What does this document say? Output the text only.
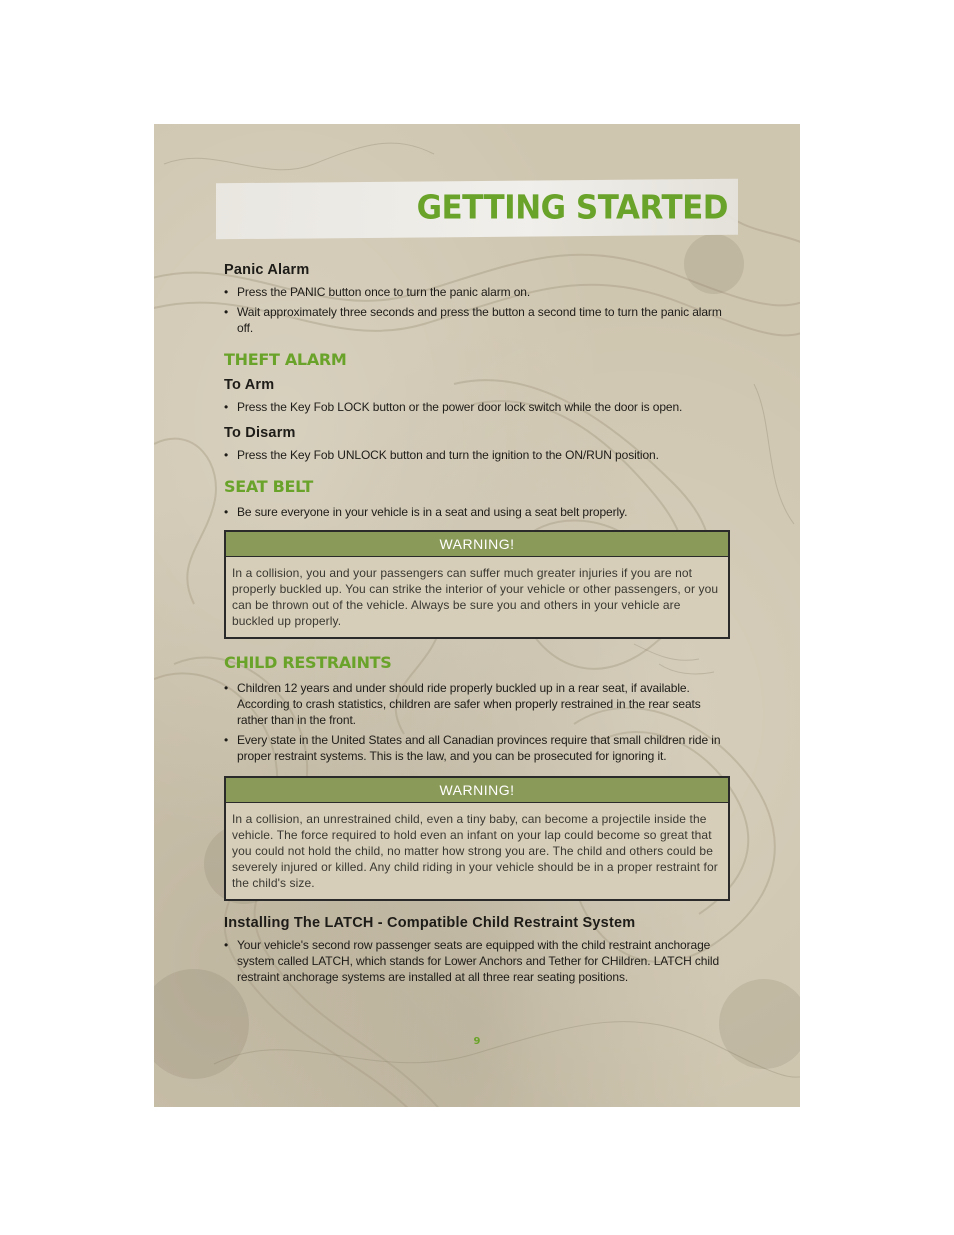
GETTING STARTED
Panic Alarm
• Press the PANIC button once to turn the panic alarm on.
• Wait approximately three seconds and press the button a second time to turn the panic alarm off.
THEFT ALARM
To Arm
• Press the Key Fob LOCK button or the power door lock switch while the door is open.
To Disarm
• Press the Key Fob UNLOCK button and turn the ignition to the ON/RUN position.
SEAT BELT
• Be sure everyone in your vehicle is in a seat and using a seat belt properly.
WARNING!
In a collision, you and your passengers can suffer much greater injuries if you are not properly buckled up. You can strike the interior of your vehicle or other passengers, or you can be thrown out of the vehicle. Always be sure you and others in your vehicle are buckled up properly.
CHILD RESTRAINTS
• Children 12 years and under should ride properly buckled up in a rear seat, if available. According to crash statistics, children are safer when properly restrained in the rear seats rather than in the front.
• Every state in the United States and all Canadian provinces require that small children ride in proper restraint systems. This is the law, and you can be prosecuted for ignoring it.
WARNING!
In a collision, an unrestrained child, even a tiny baby, can become a projectile inside the vehicle. The force required to hold even an infant on your lap could become so great that you could not hold the child, no matter how strong you are. The child and others could be severely injured or killed. Any child riding in your vehicle should be in a proper restraint for the child's size.
Installing The LATCH - Compatible Child Restraint System
• Your vehicle's second row passenger seats are equipped with the child restraint anchorage system called LATCH, which stands for Lower Anchors and Tether for CHildren. LATCH child restraint anchorage systems are installed at all three rear seating positions.
9
